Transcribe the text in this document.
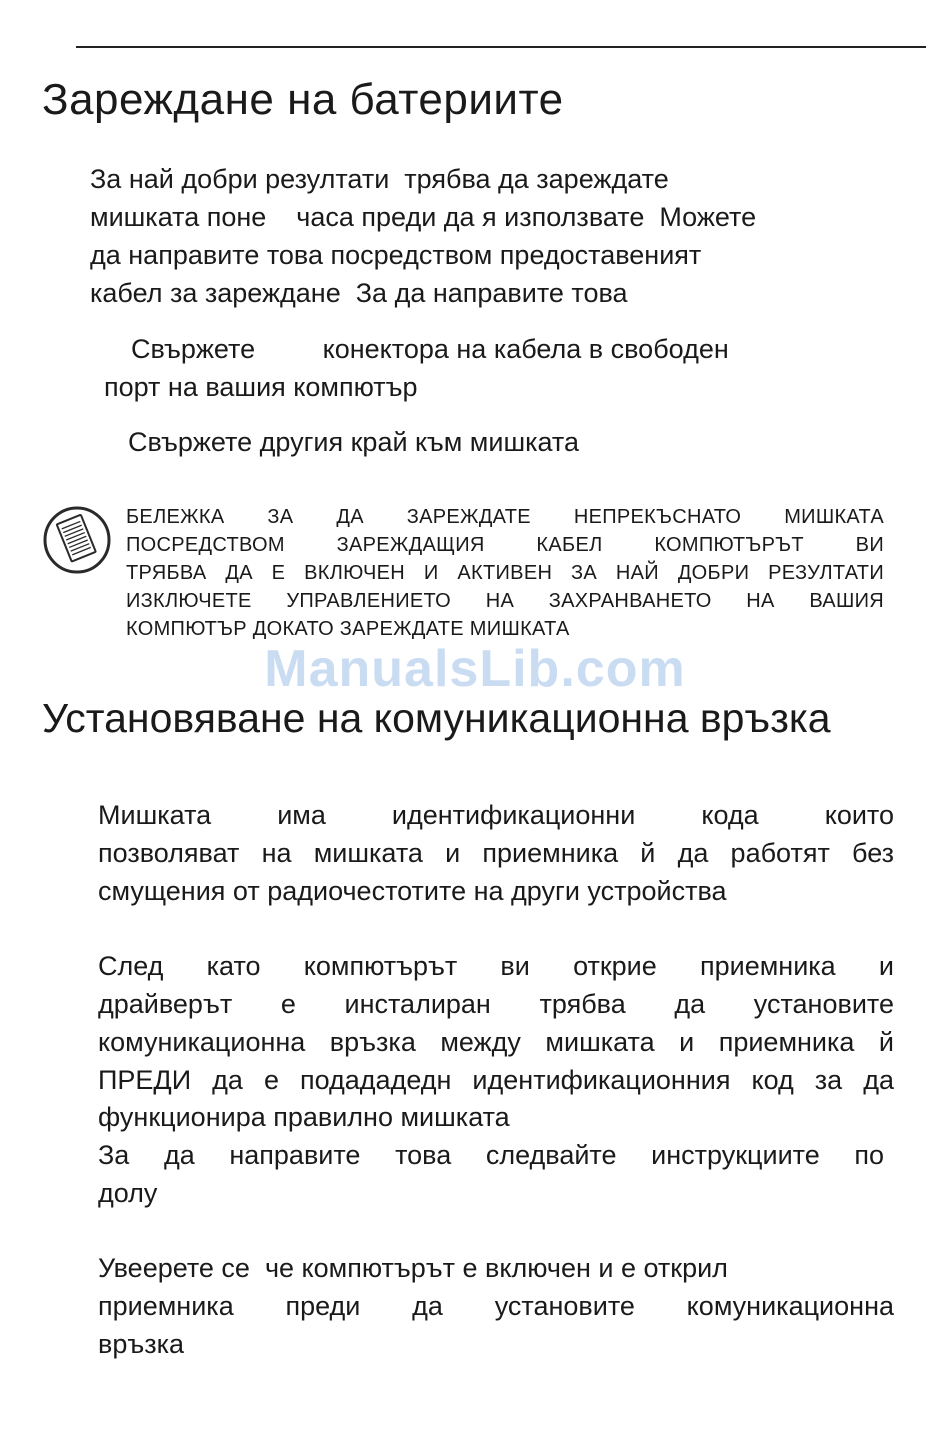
Зареждане на батериите
За най добри резултати  трябва да зареждате
мишката поне    часа преди да я използвате  Можете
да направите това посредством предоставеният
кабел за зареждане  За да направите това
Свържете         конектора на кабела в свободен
порт на вашия компютър
Свържете другия край към мишката
БЕЛЕЖКА ЗА ДА ЗАРЕЖДАТЕ НЕПРЕКЪСНАТО МИШКАТА
ПОСРЕДСТВОМ ЗАРЕЖДАЩИЯ КАБЕЛ КОМПЮТЪРЪТ ВИ
ТРЯБВА ДА Е ВКЛЮЧЕН И АКТИВЕН ЗА НАЙ ДОБРИ РЕЗУЛТАТИ
ИЗКЛЮЧЕТЕ УПРАВЛЕНИЕТО НА ЗАХРАНВАНЕТО НА ВАШИЯ
КОМПЮТЪР ДОКАТО ЗАРЕЖДАТЕ МИШКАТА
ManualsLib.com
Установяване на комуникационна връзка
Мишката има идентификационни кода които
позволяват на мишката и приемника й да работят без
смущения от радиочестотите на други устройства
След като компютърът ви открие приемника и
драйверът е инсталиран трябва да установите
комуникационна връзка между мишката и приемника й
ПРЕДИ да е подададедн идентификационния код за да
функционира правилно мишката
За да направите това следвайте инструкциите по
долу
Увеерете се  че компютърът е включен и е открил
приемника преди да установите комуникационна
връзка
